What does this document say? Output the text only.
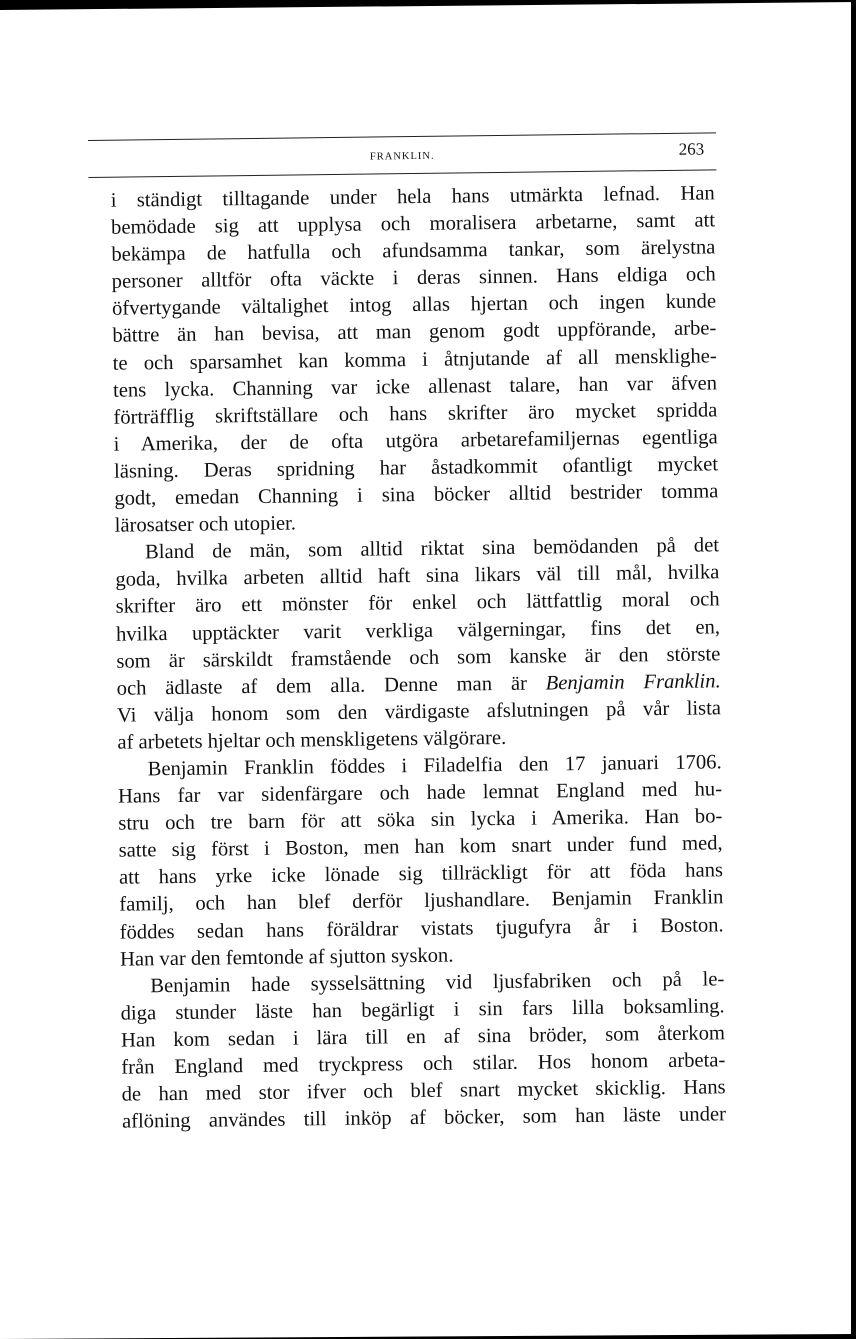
FRANKLIN.	263
i ständigt tilltagande under hela hans utmärkta lefnad. Han
bemödade sig att upplysa och moralisera arbetarne, samt att
bekämpa de hatfulla och afundsamma tankar, som ärelystna
personer alltför ofta väckte i deras sinnen. Hans eldiga och
öfvertygande vältalighet intog allas hjertan och ingen kunde
bättre än han bevisa, att man genom godt uppförande, arbe-
te och sparsamhet kan komma i åtnjutande af all mensklighe-
tens lycka. Channing var icke allenast talare, han var äfven
förträfflig skriftställare och hans skrifter äro mycket spridda
i Amerika, der de ofta utgöra arbetarefamiljernas egentliga
läsning. Deras spridning har åstadkommit ofantligt mycket
godt, emedan Channing i sina böcker alltid bestrider tomma
lärosatser och utopier.
Bland de män, som alltid riktat sina bemödanden på det
goda, hvilka arbeten alltid haft sina likars väl till mål, hvilka
skrifter äro ett mönster för enkel och lättfattlig moral och
hvilka upptäckter varit verkliga välgerningar, fins det en,
som är särskildt framstående och som kanske är den störste
och ädlaste af dem alla. Denne man är Benjamin Franklin.
Vi välja honom som den värdigaste afslutningen på vår lista
af arbetets hjeltar och menskligetens välgörare.
Benjamin Franklin föddes i Filadelfia den 17 januari 1706.
Hans far var sidenfärgare och hade lemnat England med hu-
stru och tre barn för att söka sin lycka i Amerika. Han bo-
satte sig först i Boston, men han kom snart under fund med,
att hans yrke icke lönade sig tillräckligt för att föda hans
familj, och han blef derför ljushandlare. Benjamin Franklin
föddes sedan hans föräldrar vistats tjugufyra år i Boston.
Han var den femtonde af sjutton syskon.
Benjamin hade sysselsättning vid ljusfabriken och på le-
diga stunder läste han begärligt i sin fars lilla boksamling.
Han kom sedan i lära till en af sina bröder, som återkom
från England med tryckpress och stilar. Hos honom arbeta-
de han med stor ifver och blef snart mycket skicklig. Hans
aflöning användes till inköp af böcker, som han läste under
